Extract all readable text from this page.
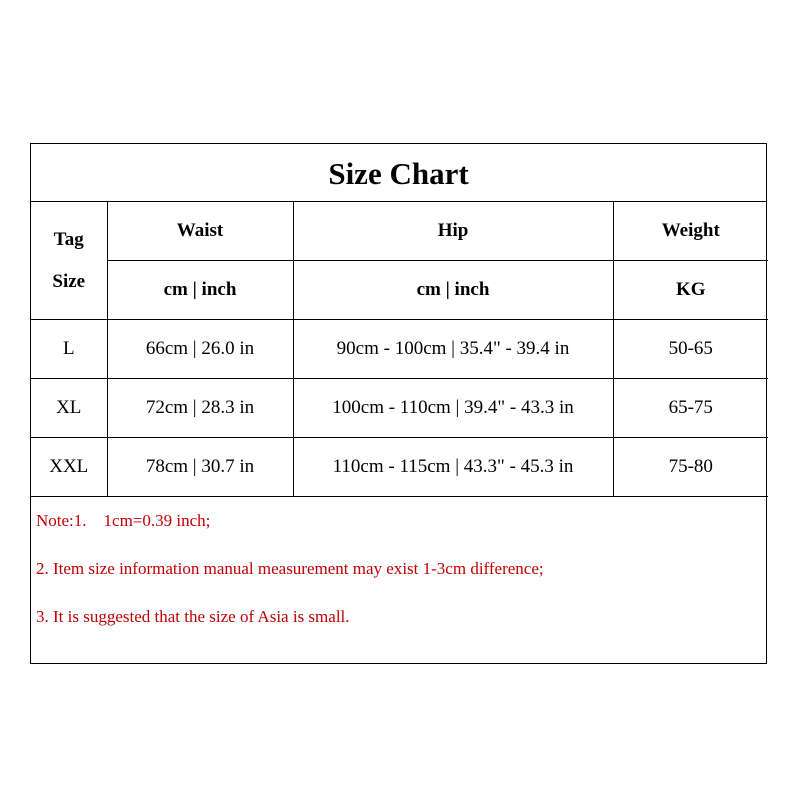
Size Chart
Tag
Size	Waist	Hip	Weight
	cm | inch	cm | inch	KG
L	66cm | 26.0 in	90cm - 100cm | 35.4" - 39.4 in	50-65
XL	72cm | 28.3 in	100cm - 110cm | 39.4" - 43.3 in	65-75
XXL	78cm | 30.7 in	110cm - 115cm | 43.3" - 45.3 in	75-80
Note:1.    1cm=0.39 inch;
2. Item size information manual measurement may exist 1-3cm difference;
3. It is suggested that the size of Asia is small.
